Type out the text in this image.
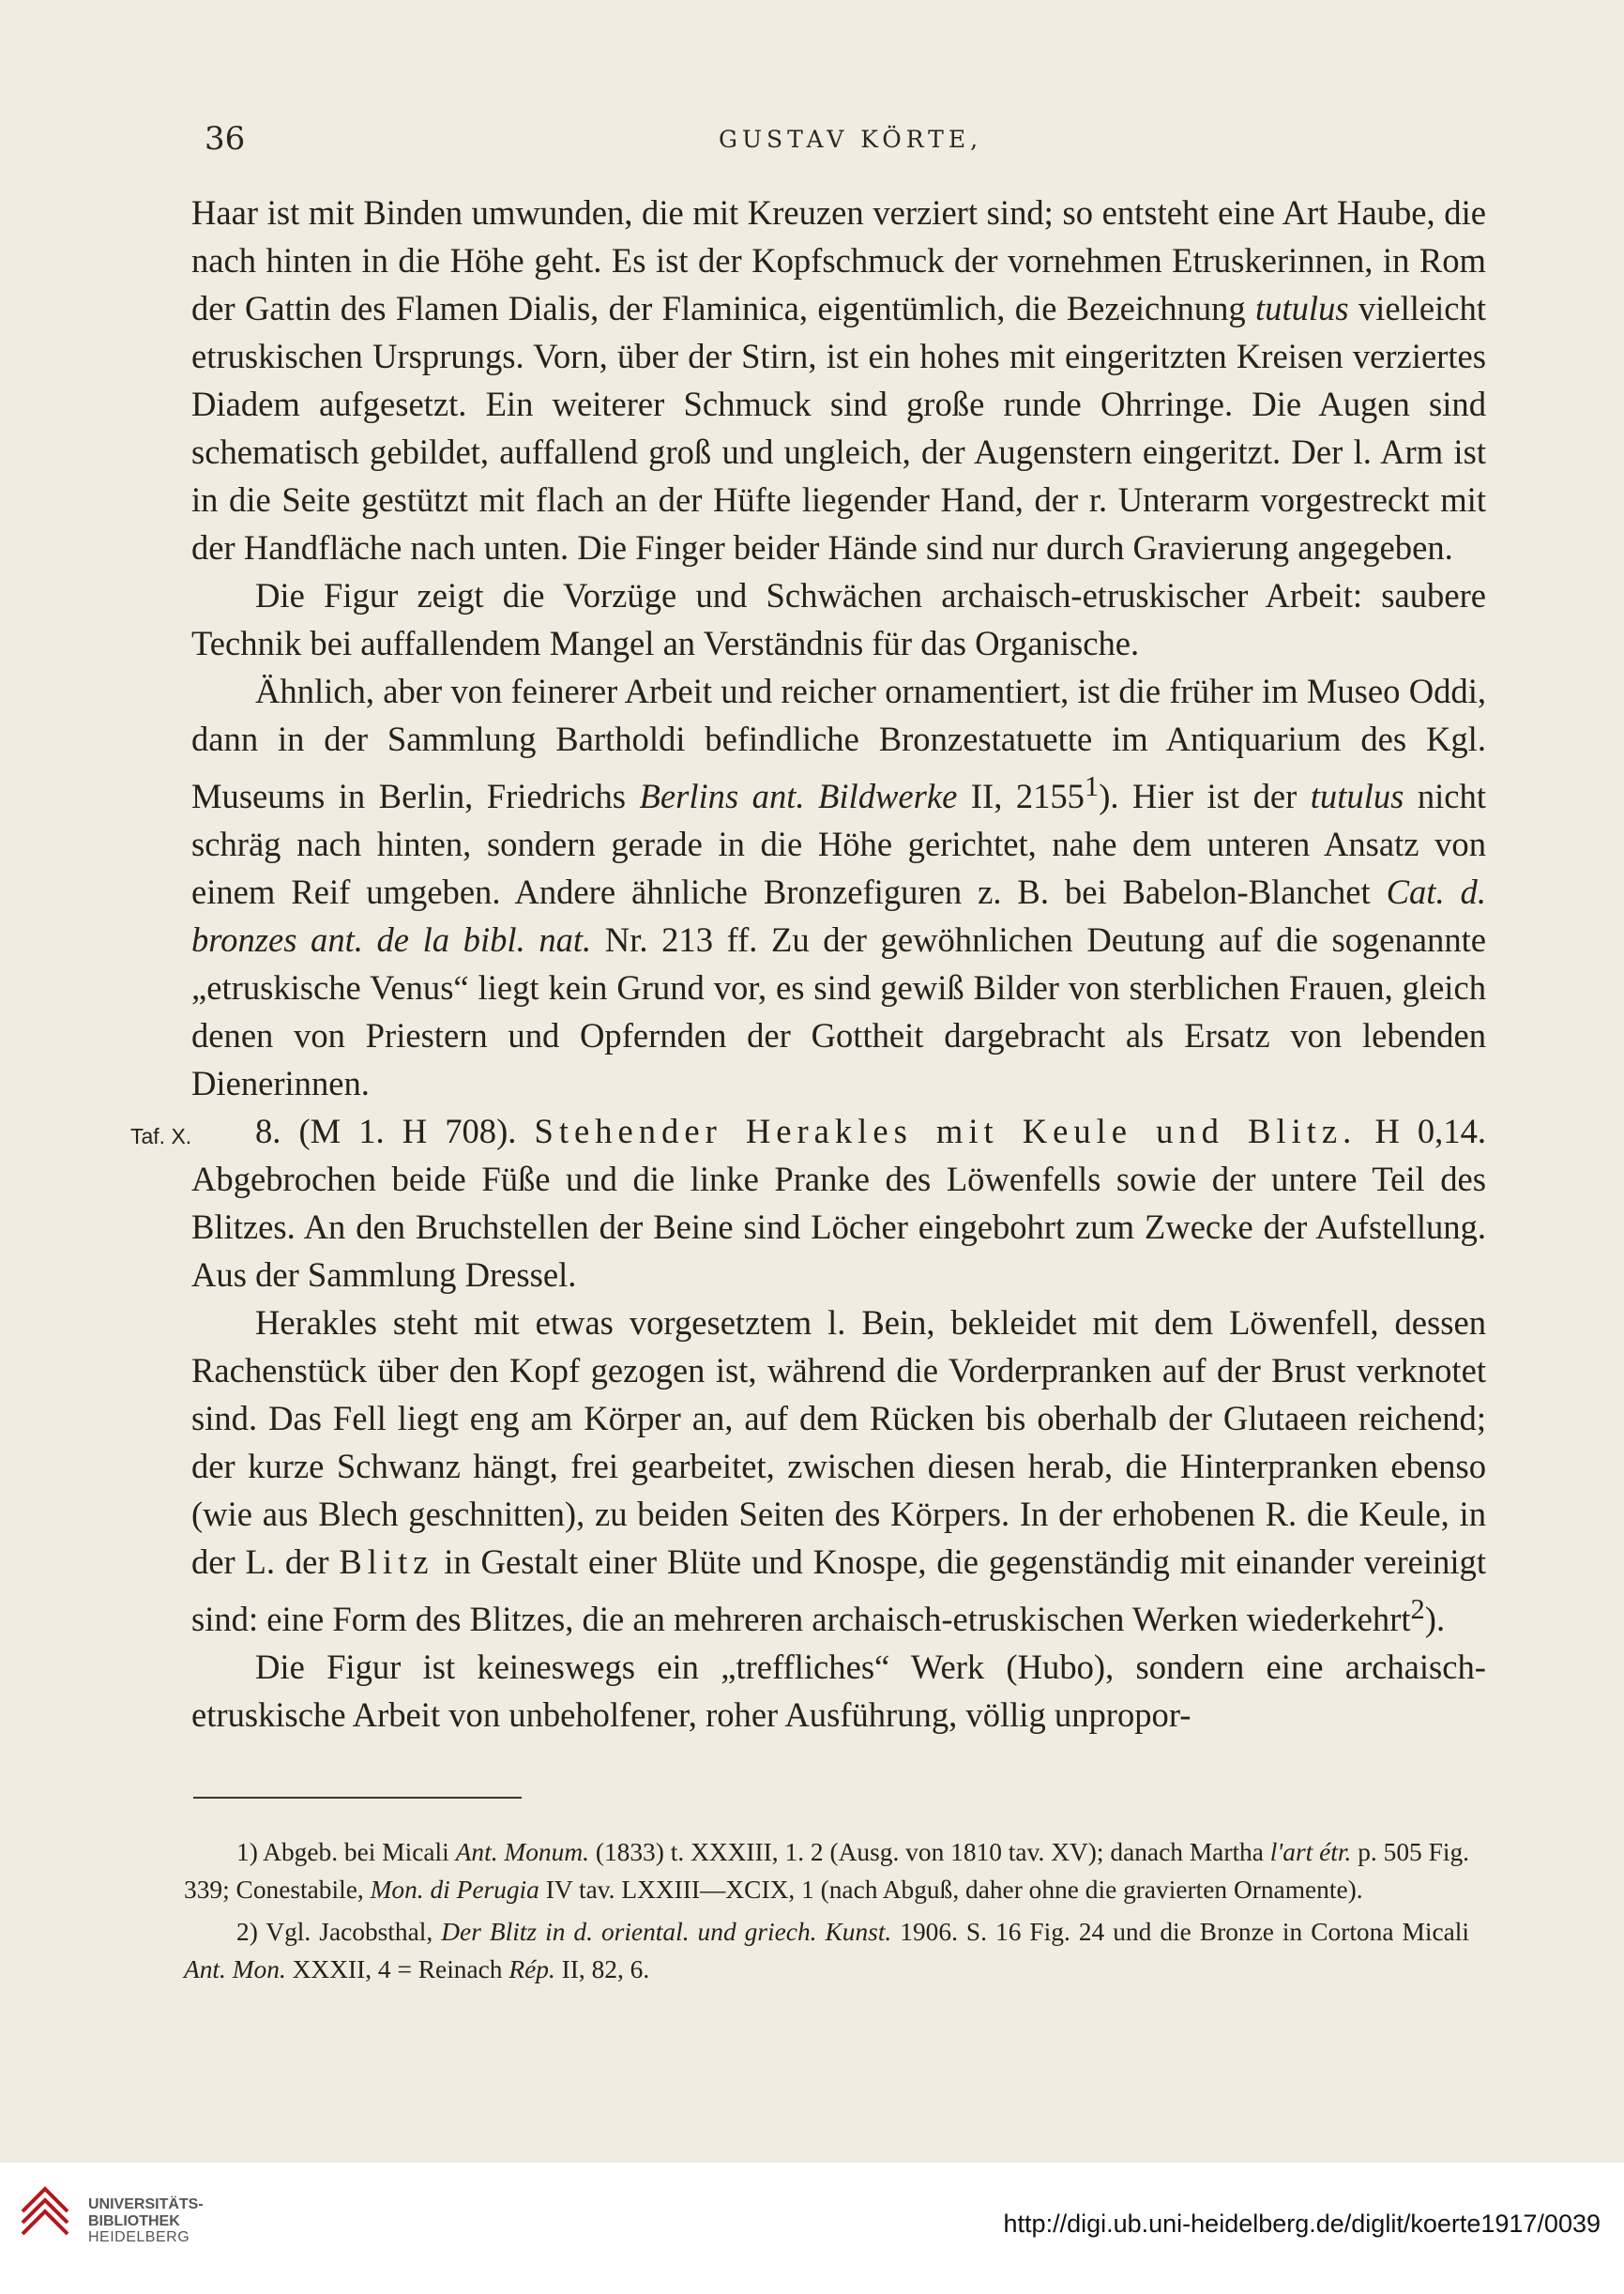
36	GUSTAV KÖRTE,

Haar ist mit Binden umwunden, die mit Kreuzen verziert sind; so entsteht eine Art Haube, die nach hinten in die Höhe geht. Es ist der Kopfschmuck der vornehmen Etruskerinnen, in Rom der Gattin des Flamen Dialis, der Flaminica, eigentümlich, die Bezeichnung tutulus vielleicht etruskischen Ursprungs. Vorn, über der Stirn, ist ein hohes mit eingeritzten Kreisen verziertes Diadem aufgesetzt. Ein weiterer Schmuck sind große runde Ohrringe. Die Augen sind schematisch gebildet, auffallend groß und ungleich, der Augenstern eingeritzt. Der l. Arm ist in die Seite gestützt mit flach an der Hüfte liegender Hand, der r. Unterarm vorgestreckt mit der Handfläche nach unten. Die Finger beider Hände sind nur durch Gravierung angegeben.

Die Figur zeigt die Vorzüge und Schwächen archaisch-etruskischer Arbeit: saubere Technik bei auffallendem Mangel an Verständnis für das Organische.

Ähnlich, aber von feinerer Arbeit und reicher ornamentiert, ist die früher im Museo Oddi, dann in der Sammlung Bartholdi befindliche Bronzestatuette im Antiquarium des Kgl. Museums in Berlin, Friedrichs Berlins ant. Bildwerke II, 2155$^1$). Hier ist der tutulus nicht schräg nach hinten, sondern gerade in die Höhe gerichtet, nahe dem unteren Ansatz von einem Reif umgeben. Andere ähnliche Bronzefiguren z. B. bei Babelon-Blanchet Cat. d. bronzes ant. de la bibl. nat. Nr. 213 ff. Zu der gewöhnlichen Deutung auf die sogenannte „etruskische Venus“ liegt kein Grund vor, es sind gewiß Bilder von sterblichen Frauen, gleich denen von Priestern und Opfernden der Gottheit dargebracht als Ersatz von lebenden Dienerinnen.

Taf. X. 8. (M 1. H 708). Stehender Herakles mit Keule und Blitz. H 0,14. Abgebrochen beide Füße und die linke Pranke des Löwenfells sowie der untere Teil des Blitzes. An den Bruchstellen der Beine sind Löcher eingebohrt zum Zwecke der Aufstellung. Aus der Sammlung Dressel.

Herakles steht mit etwas vorgesetztem l. Bein, bekleidet mit dem Löwenfell, dessen Rachenstück über den Kopf gezogen ist, während die Vorderpranken auf der Brust verknotet sind. Das Fell liegt eng am Körper an, auf dem Rücken bis oberhalb der Glutaeen reichend; der kurze Schwanz hängt, frei gearbeitet, zwischen diesen herab, die Hinterpranken ebenso (wie aus Blech geschnitten), zu beiden Seiten des Körpers. In der erhobenen R. die Keule, in der L. der Blitz in Gestalt einer Blüte und Knospe, die gegenständig mit einander vereinigt sind: eine Form des Blitzes, die an mehreren archaisch-etruskischen Werken wiederkehrt$^2$).

Die Figur ist keineswegs ein „treffliches“ Werk (Hubo), sondern eine archaisch-etruskische Arbeit von unbeholfener, roher Ausführung, völlig unpropor-

1) Abgeb. bei Micali Ant. Monum. (1833) t. XXXIII, 1. 2 (Ausg. von 1810 tav. XV); danach Martha l'art étr. p. 505 Fig. 339; Conestabile, Mon. di Perugia IV tav. LXXIII—XCIX, 1 (nach Abguß, daher ohne die gravierten Ornamente).

2) Vgl. Jacobsthal, Der Blitz in d. oriental. und griech. Kunst. 1906. S. 16 Fig. 24 und die Bronze in Cortona Micali Ant. Mon. XXXII, 4 = Reinach Rép. II, 82, 6.

UNIVERSITÄTS-
BIBLIOTHEK
HEIDELBERG	http://digi.ub.uni-heidelberg.de/diglit/koerte1917/0039
